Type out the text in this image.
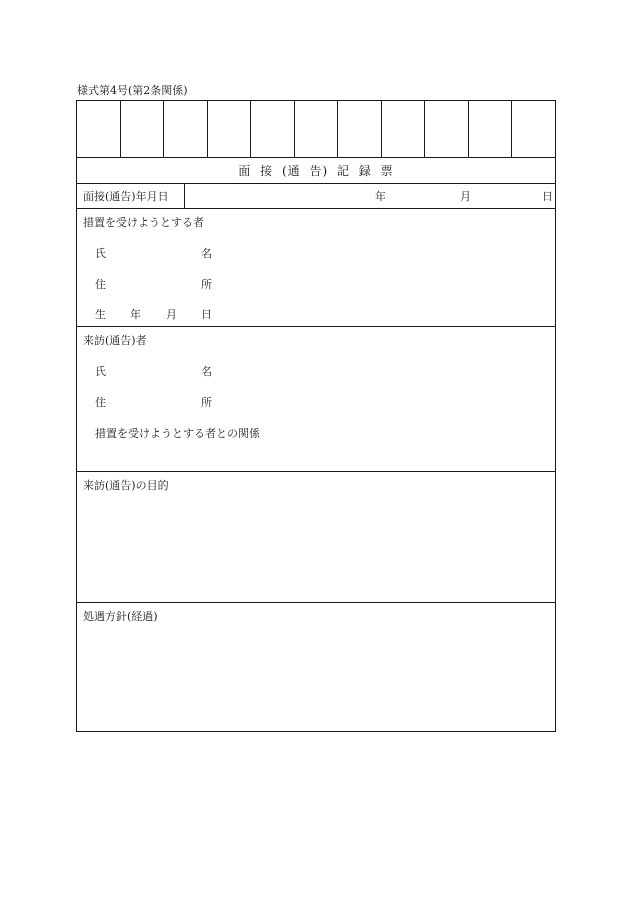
様式第4号(第2条関係)
面 接 (通 告) 記 録 票
面接(通告)年月日	年	月	日
措置を受けようとする者
氏	名
住	所
生 年 月 日
来訪(通告)者
氏	名
住	所
措置を受けようとする者との関係
来訪(通告)の目的
処遇方針(経過)
